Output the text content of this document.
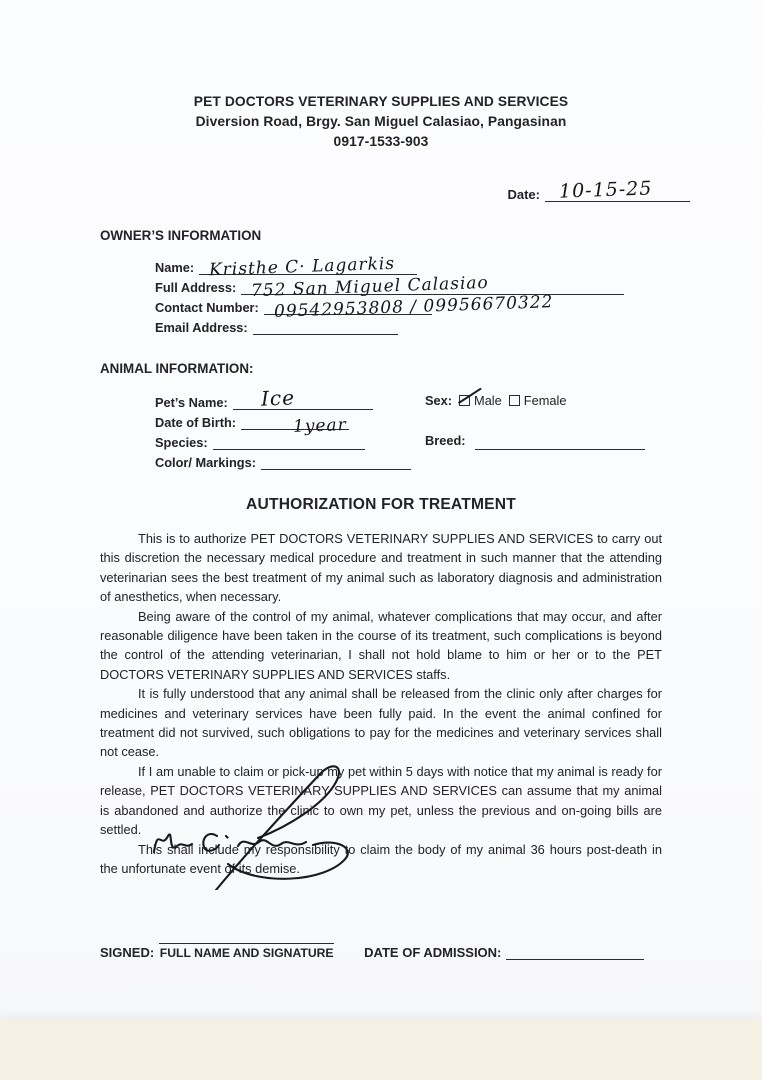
PET DOCTORS VETERINARY SUPPLIES AND SERVICES
Diversion Road, Brgy. San Miguel Calasiao, Pangasinan
0917-1533-903
Date: 10-15-25
OWNER’S INFORMATION
Name: Kristhe C· Lagarkis
Full Address: 752 San Miguel Calasiao
Contact Number: 09542953808 / 09956670322
Email Address:
ANIMAL INFORMATION:
Pet’s Name: Ice	Sex: Male Female
Date of Birth:	1year
Species:	Breed:
Color/ Markings:
AUTHORIZATION FOR TREATMENT

This is to authorize PET DOCTORS VETERINARY SUPPLIES AND SERVICES to carry out this discretion the necessary medical procedure and treatment in such manner that the attending veterinarian sees the best treatment of my animal such as laboratory diagnosis and administration of anesthetics, when necessary.

Being aware of the control of my animal, whatever complications that may occur, and after reasonable diligence have been taken in the course of its treatment, such complications is beyond the control of the attending veterinarian, I shall not hold blame to him or her or to the PET DOCTORS VETERINARY SUPPLIES AND SERVICES staffs.

It is fully understood that any animal shall be released from the clinic only after charges for medicines and veterinary services have been fully paid. In the event the animal confined for treatment did not survived, such obligations to pay for the medicines and veterinary services shall not cease.

If I am unable to claim or pick-up my pet within 5 days with notice that my animal is ready for release, PET DOCTORS VETERINARY SUPPLIES AND SERVICES can assume that my animal is abandoned and authorize the clinic to own my pet, unless the previous and on-going bills are settled.

This shall include my responsibility to claim the body of my animal 36 hours post-death in the unfortunate event of its demise.

SIGNED: FULL NAME AND SIGNATURE DATE OF ADMISSION:
